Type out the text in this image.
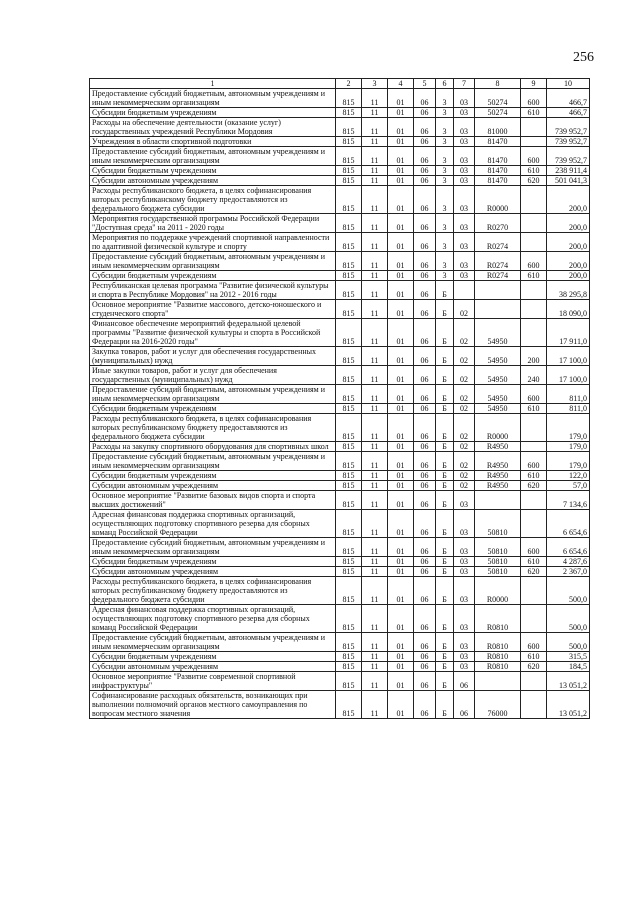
256
1	2	3	4	5	6	7	8	9	10
Предоставление субсидий бюджетным, автономным учреждениям и иным некоммерческим организациям	815	11	01	06	3	03	50274	600	466,7
Субсидии бюджетным учреждениям	815	11	01	06	3	03	50274	610	466,7
Расходы на обеспечение деятельности (оказание услуг) государственных учреждений Республики Мордовия	815	11	01	06	3	03	81000		739 952,7
Учреждения в области спортивной подготовки	815	11	01	06	3	03	81470		739 952,7
Предоставление субсидий бюджетным, автономным учреждениям и иным некоммерческим организациям	815	11	01	06	3	03	81470	600	739 952,7
Субсидии бюджетным учреждениям	815	11	01	06	3	03	81470	610	238 911,4
Субсидии автономным учреждениям	815	11	01	06	3	03	81470	620	501 041,3
Расходы республиканского бюджета, в целях софинансирования которых республиканскому бюджету предоставляются из федерального бюджета субсидии	815	11	01	06	3	03	R0000		200,0
Мероприятия государственной программы Российской Федерации "Доступная среда" на 2011 - 2020 годы	815	11	01	06	3	03	R0270		200,0
Мероприятия по поддержке учреждений спортивной направленности по адаптивной физической культуре и спорту	815	11	01	06	3	03	R0274		200,0
Предоставление субсидий бюджетным, автономным учреждениям и иным некоммерческим организациям	815	11	01	06	3	03	R0274	600	200,0
Субсидии бюджетным учреждениям	815	11	01	06	3	03	R0274	610	200,0
Республиканская целевая программа "Развитие физической культуры и спорта в Республике Мордовия" на 2012 - 2016 годы	815	11	01	06	Б				38 295,8
Основное мероприятие "Развитие массового, детско-юношеского и студенческого спорта"	815	11	01	06	Б	02			18 090,0
Финансовое обеспечение мероприятий федеральной целевой программы "Развитие физической культуры и спорта в Российской Федерации на 2016-2020 годы"	815	11	01	06	Б	02	54950		17 911,0
Закупка товаров, работ и услуг для обеспечения государственных (муниципальных) нужд	815	11	01	06	Б	02	54950	200	17 100,0
Иные закупки товаров, работ и услуг для обеспечения государственных (муниципальных) нужд	815	11	01	06	Б	02	54950	240	17 100,0
Предоставление субсидий бюджетным, автономным учреждениям и иным некоммерческим организациям	815	11	01	06	Б	02	54950	600	811,0
Субсидии бюджетным учреждениям	815	11	01	06	Б	02	54950	610	811,0
Расходы республиканского бюджета, в целях софинансирования которых республиканскому бюджету предоставляются из федерального бюджета субсидии	815	11	01	06	Б	02	R0000		179,0
Расходы на закупку спортивного оборудования для спортивных школ	815	11	01	06	Б	02	R4950		179,0
Предоставление субсидий бюджетным, автономным учреждениям и иным некоммерческим организациям	815	11	01	06	Б	02	R4950	600	179,0
Субсидии бюджетным учреждениям	815	11	01	06	Б	02	R4950	610	122,0
Субсидии автономным учреждениям	815	11	01	06	Б	02	R4950	620	57,0
Основное мероприятие "Развитие базовых видов спорта и спорта высших достижений"	815	11	01	06	Б	03			7 134,6
Адресная финансовая поддержка спортивных организаций, осуществляющих подготовку спортивного резерва для сборных команд Российской Федерации	815	11	01	06	Б	03	50810		6 654,6
Предоставление субсидий бюджетным, автономным учреждениям и иным некоммерческим организациям	815	11	01	06	Б	03	50810	600	6 654,6
Субсидии бюджетным учреждениям	815	11	01	06	Б	03	50810	610	4 287,6
Субсидии автономным учреждениям	815	11	01	06	Б	03	50810	620	2 367,0
Расходы республиканского бюджета, в целях софинансирования которых республиканскому бюджету предоставляются из федерального бюджета субсидии	815	11	01	06	Б	03	R0000		500,0
Адресная финансовая поддержка спортивных организаций, осуществляющих подготовку спортивного резерва для сборных команд Российской Федерации	815	11	01	06	Б	03	R0810		500,0
Предоставление субсидий бюджетным, автономным учреждениям и иным некоммерческим организациям	815	11	01	06	Б	03	R0810	600	500,0
Субсидии бюджетным учреждениям	815	11	01	06	Б	03	R0810	610	315,5
Субсидии автономным учреждениям	815	11	01	06	Б	03	R0810	620	184,5
Основное мероприятие "Развитие современной спортивной инфраструктуры"	815	11	01	06	Б	06			13 051,2
Софинансирование расходных обязательств, возникающих при выполнении полномочий органов местного самоуправления по вопросам местного значения	815	11	01	06	Б	06	76000		13 051,2
